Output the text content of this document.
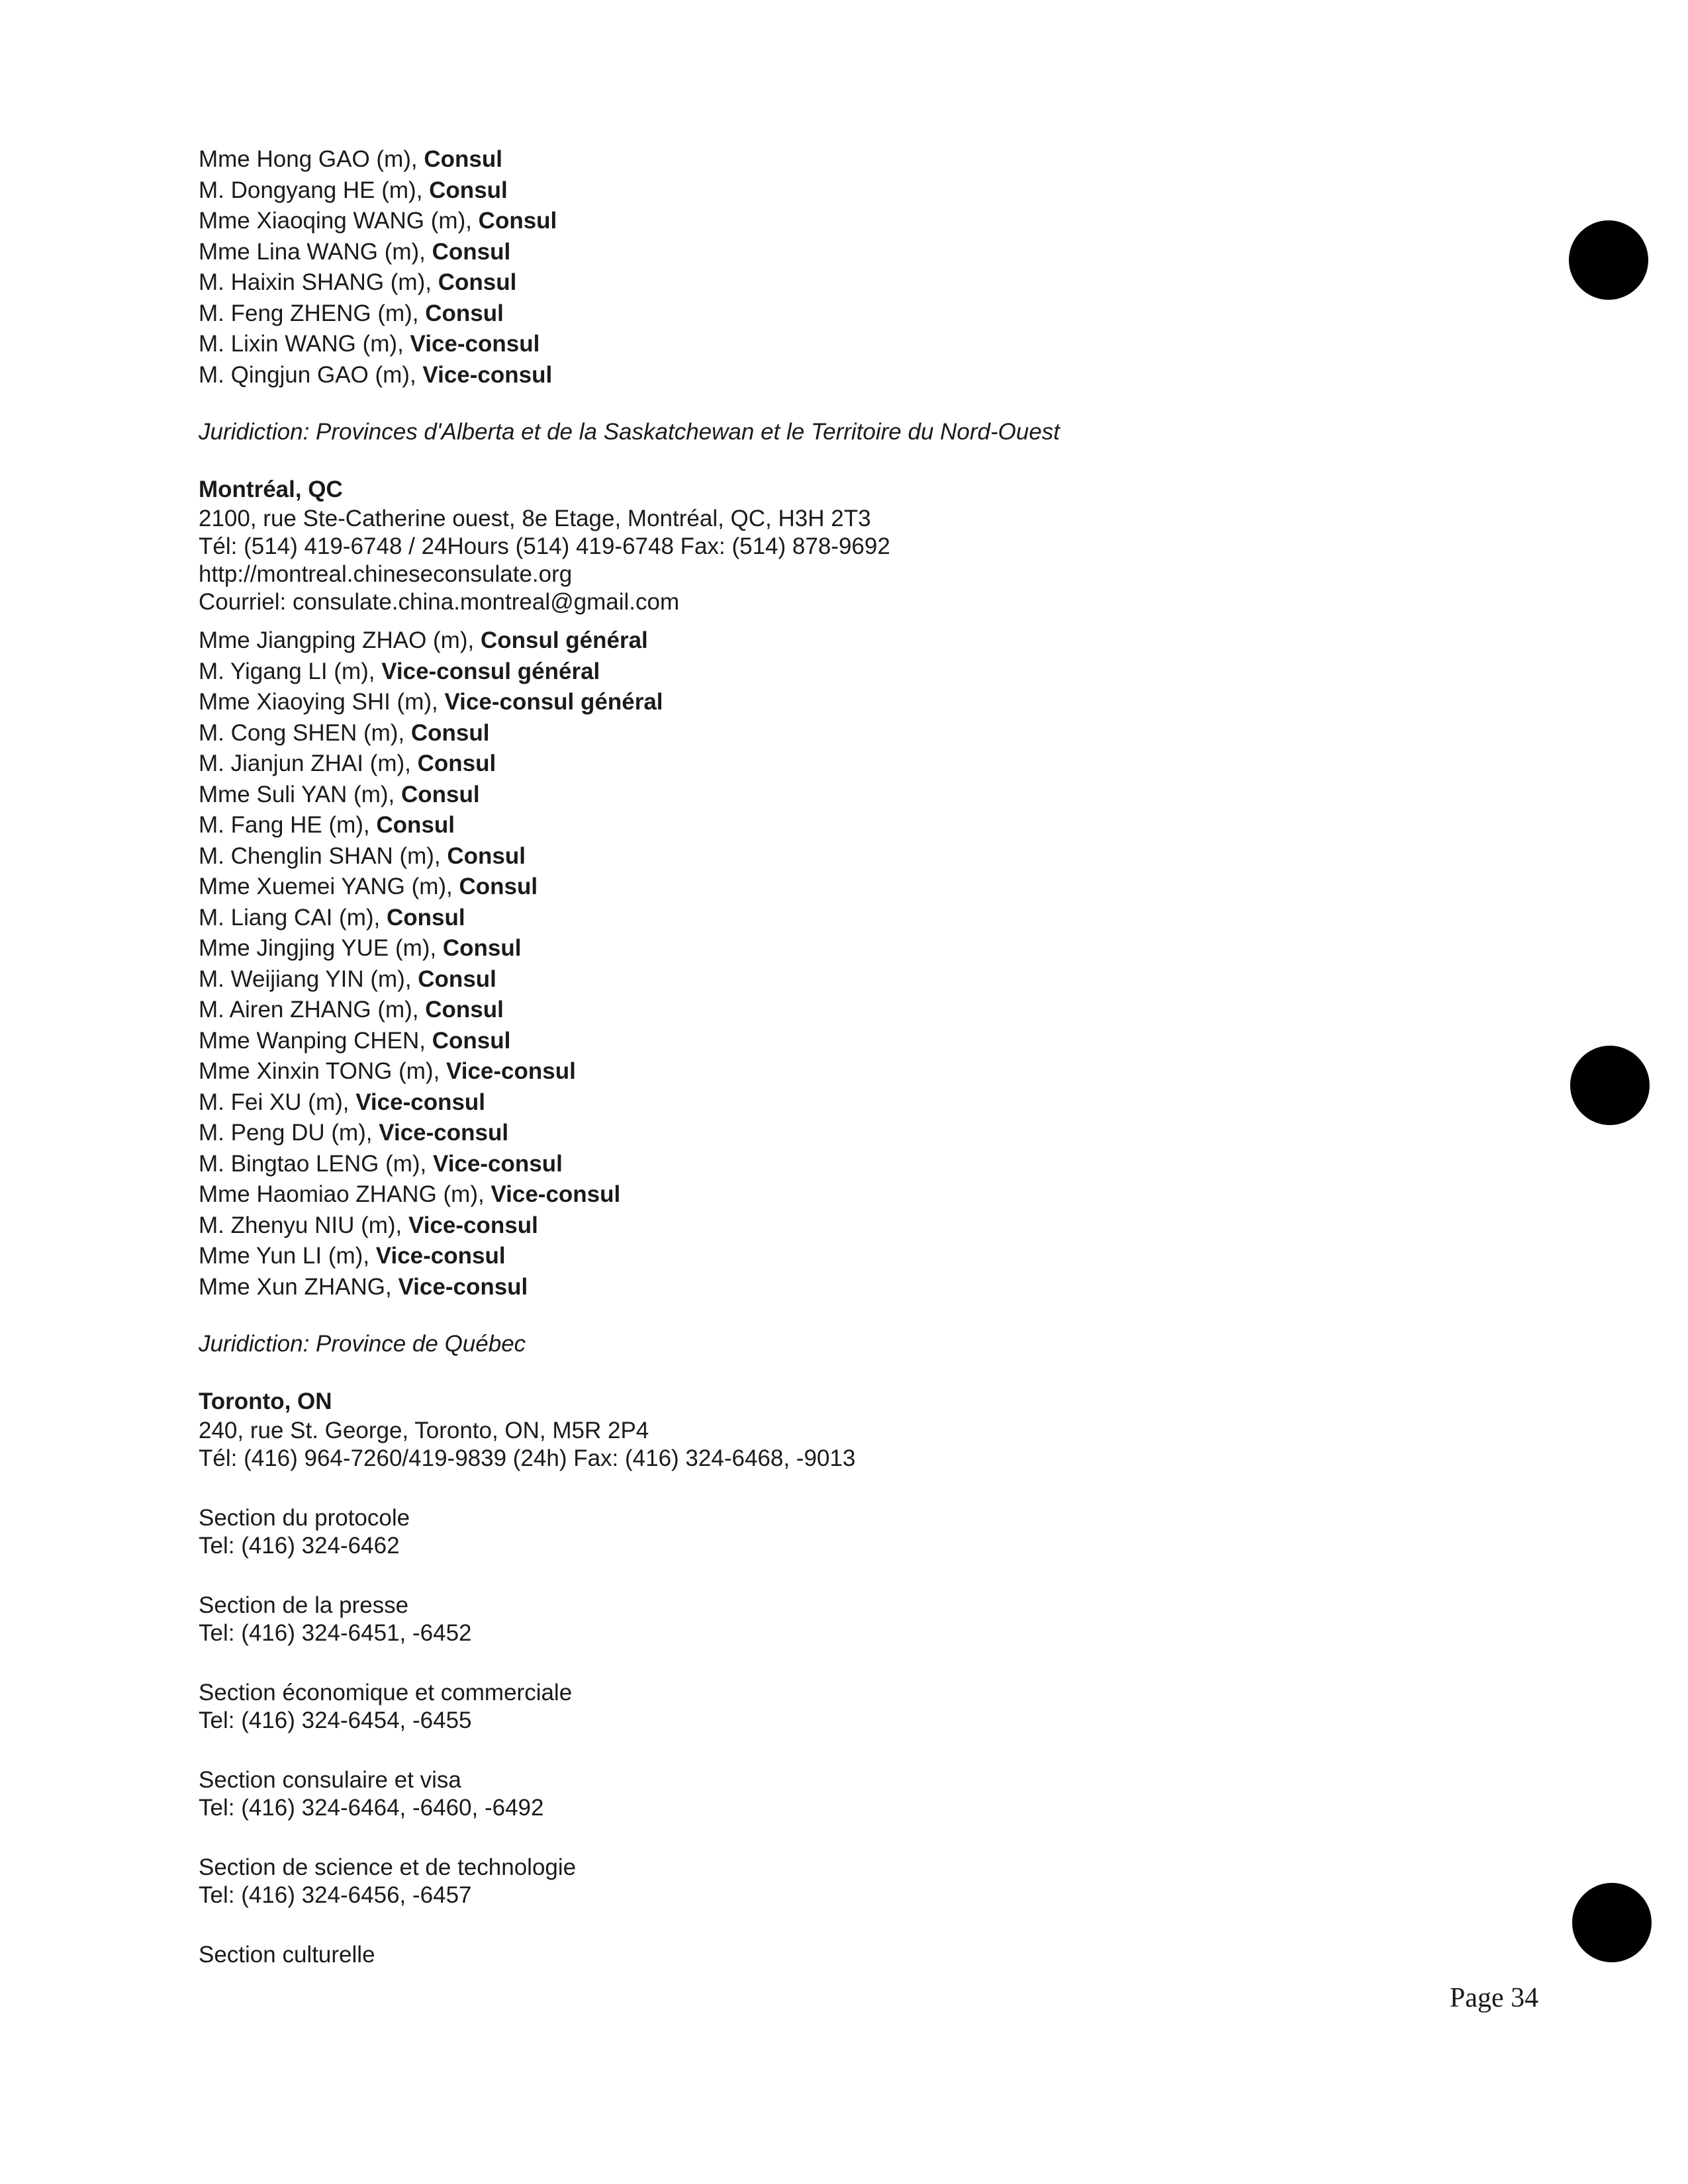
Mme Hong GAO (m), Consul
M. Dongyang HE (m), Consul
Mme Xiaoqing WANG (m), Consul
Mme Lina WANG (m), Consul
M. Haixin SHANG (m), Consul
M. Feng ZHENG (m), Consul
M. Lixin WANG (m), Vice-consul
M. Qingjun GAO (m), Vice-consul
Juridiction: Provinces d'Alberta et de la Saskatchewan et le Territoire du Nord-Ouest
Montréal, QC
2100, rue Ste-Catherine ouest, 8e Etage, Montréal, QC, H3H 2T3
Tél: (514) 419-6748 / 24Hours (514) 419-6748 Fax: (514) 878-9692
http://montreal.chineseconsulate.org
Courriel: consulate.china.montreal@gmail.com
Mme Jiangping ZHAO (m), Consul général
M. Yigang LI (m), Vice-consul général
Mme Xiaoying SHI (m), Vice-consul général
M. Cong SHEN (m), Consul
M. Jianjun ZHAI (m), Consul
Mme Suli YAN (m), Consul
M. Fang HE (m), Consul
M. Chenglin SHAN (m), Consul
Mme Xuemei YANG (m), Consul
M. Liang CAI (m), Consul
Mme Jingjing YUE (m), Consul
M. Weijiang YIN (m), Consul
M. Airen ZHANG (m), Consul
Mme Wanping CHEN, Consul
Mme Xinxin TONG (m), Vice-consul
M. Fei XU (m), Vice-consul
M. Peng DU (m), Vice-consul
M. Bingtao LENG (m), Vice-consul
Mme Haomiao ZHANG (m), Vice-consul
M. Zhenyu NIU (m), Vice-consul
Mme Yun LI (m), Vice-consul
Mme Xun ZHANG, Vice-consul
Juridiction: Province de Québec
Toronto, ON
240, rue St. George, Toronto, ON, M5R 2P4
Tél: (416) 964-7260/419-9839 (24h) Fax: (416) 324-6468, -9013
Section du protocole
Tel: (416) 324-6462
Section de la presse
Tel: (416) 324-6451, -6452
Section économique et commerciale
Tel: (416) 324-6454, -6455
Section consulaire et visa
Tel: (416) 324-6464, -6460, -6492
Section de science et de technologie
Tel: (416) 324-6456, -6457
Section culturelle
Page 34
